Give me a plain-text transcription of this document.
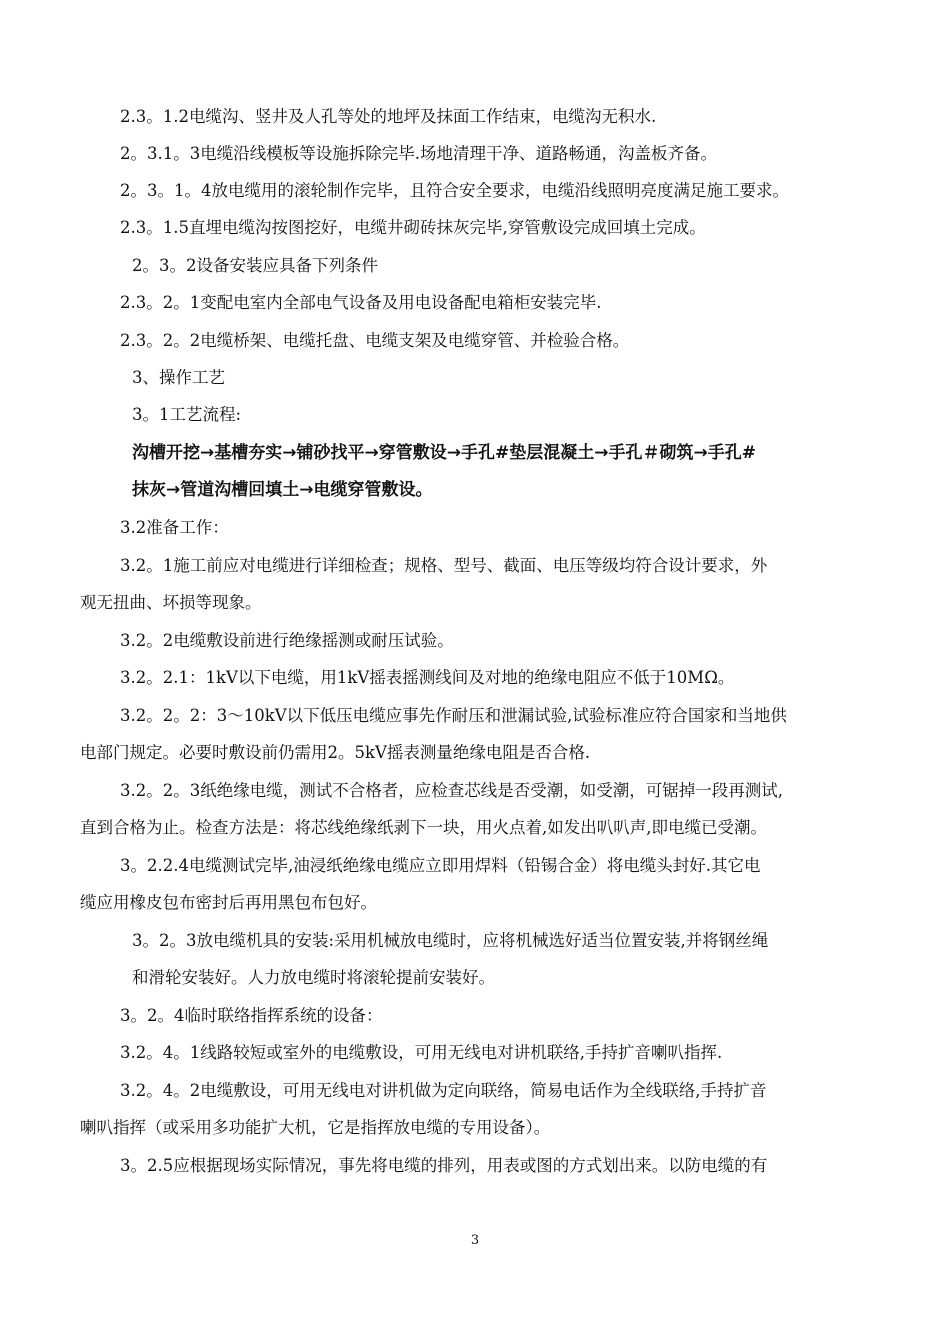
2.3。1.2电缆沟、竖井及人孔等处的地坪及抹面工作结束，电缆沟无积水.
2。3.1。3电缆沿线模板等设施拆除完毕.场地清理干净、道路畅通，沟盖板齐备。
2。3。1。4放电缆用的滚轮制作完毕，且符合安全要求，电缆沿线照明亮度满足施工要求。
2.3。1.5直埋电缆沟按图挖好，电缆井砌砖抹灰完毕,穿管敷设完成回填土完成。
2。3。2设备安装应具备下列条件
2.3。2。1变配电室内全部电气设备及用电设备配电箱柜安装完毕.
2.3。2。2电缆桥架、电缆托盘、电缆支架及电缆穿管、并检验合格。
3、操作工艺
3。1工艺流程:
沟槽开挖→基槽夯实→铺砂找平→穿管敷设→手孔#垫层混凝土→手孔＃砌筑→手孔#
抹灰→管道沟槽回填土→电缆穿管敷设。
3.2准备工作：
3.2。1施工前应对电缆进行详细检查；规格、型号、截面、电压等级均符合设计要求，外
观无扭曲、坏损等现象。
3.2。2电缆敷设前进行绝缘摇测或耐压试验。
3.2。2.1：1kV以下电缆，用1kV摇表摇测线间及对地的绝缘电阻应不低于10MΩ。
3.2。2。2：3～10kV以下低压电缆应事先作耐压和泄漏试验,试验标准应符合国家和当地供
电部门规定。必要时敷设前仍需用2。5kV摇表测量绝缘电阻是否合格.
3.2。2。3纸绝缘电缆，测试不合格者，应检查芯线是否受潮，如受潮，可锯掉一段再测试,
直到合格为止。检查方法是：将芯线绝缘纸剥下一块，用火点着,如发出叭叭声,即电缆已受潮。
3。2.2.4电缆测试完毕,油浸纸绝缘电缆应立即用焊料（铅锡合金）将电缆头封好.其它电
缆应用橡皮包布密封后再用黑包布包好。
3。2。3放电缆机具的安装:采用机械放电缆时，应将机械选好适当位置安装,并将钢丝绳
和滑轮安装好。人力放电缆时将滚轮提前安装好。
3。2。4临时联络指挥系统的设备：
3.2。4。1线路较短或室外的电缆敷设，可用无线电对讲机联络,手持扩音喇叭指挥.
3.2。4。2电缆敷设，可用无线电对讲机做为定向联络，简易电话作为全线联络,手持扩音
喇叭指挥（或采用多功能扩大机，它是指挥放电缆的专用设备）。
3。2.5应根据现场实际情况，事先将电缆的排列，用表或图的方式划出来。以防电缆的有
3
